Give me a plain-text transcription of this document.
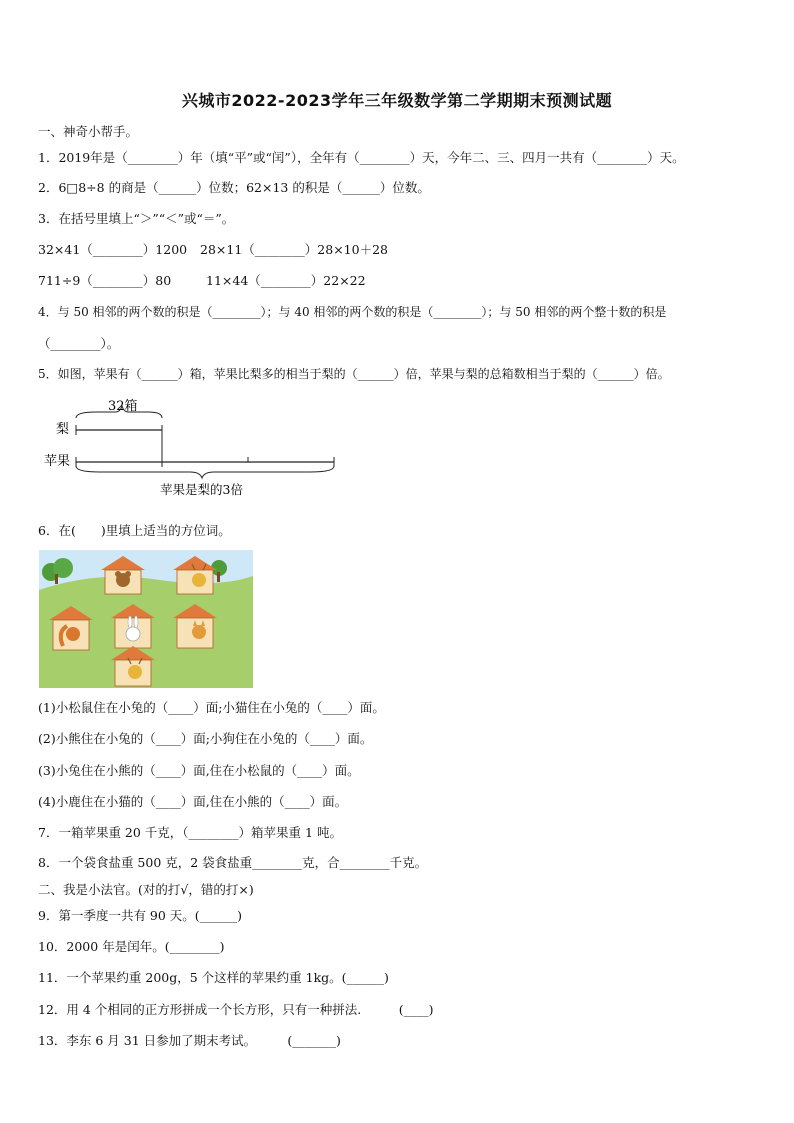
兴城市2022-2023学年三年级数学第二学期期末预测试题
一、神奇小帮手。
1．2019年是（________）年（填“平”或“闰”），全年有（________）天，今年二、三、四月一共有（________）天。
2．6□8÷8 的商是（______）位数；62×13 的积是（______）位数。
3．在括号里填上“＞”“＜”或“＝”。
32×41（________）1200 28×11（________）28×10＋28
711÷9（________）80	11×44（________）22×22
4．与 50 相邻的两个数的积是（________）；与 40 相邻的两个数的积是（________）；与 50 相邻的两个整十数的积是
（________）。
5．如图，苹果有（______）箱，苹果比梨多的相当于梨的（______）倍，苹果与梨的总箱数相当于梨的（______）倍。
32箱
梨
苹果
苹果是梨的3倍
6．在(　　)里填上适当的方位词。
(1)小松鼠住在小兔的（____）面;小猫住在小兔的（____）面。
(2)小熊住在小兔的（____）面;小狗住在小兔的（____）面。
(3)小兔住在小熊的（____）面,住在小松鼠的（____）面。
(4)小鹿住在小猫的（____）面,住在小熊的（____）面。
7．一箱苹果重 20 千克，（________）箱苹果重 1 吨。
8．一个袋食盐重 500 克，2 袋食盐重________克，合________千克。
二、我是小法官。(对的打√，错的打×)
9．第一季度一共有 90 天。(______)
10．2000 年是闰年。(________)
11．一个苹果约重 200g，5 个这样的苹果约重 1kg。(______)
12．用 4 个相同的正方形拼成一个长方形，只有一种拼法.　　　(____)
13．李东 6 月 31 日参加了期末考试。　　　(_______)
